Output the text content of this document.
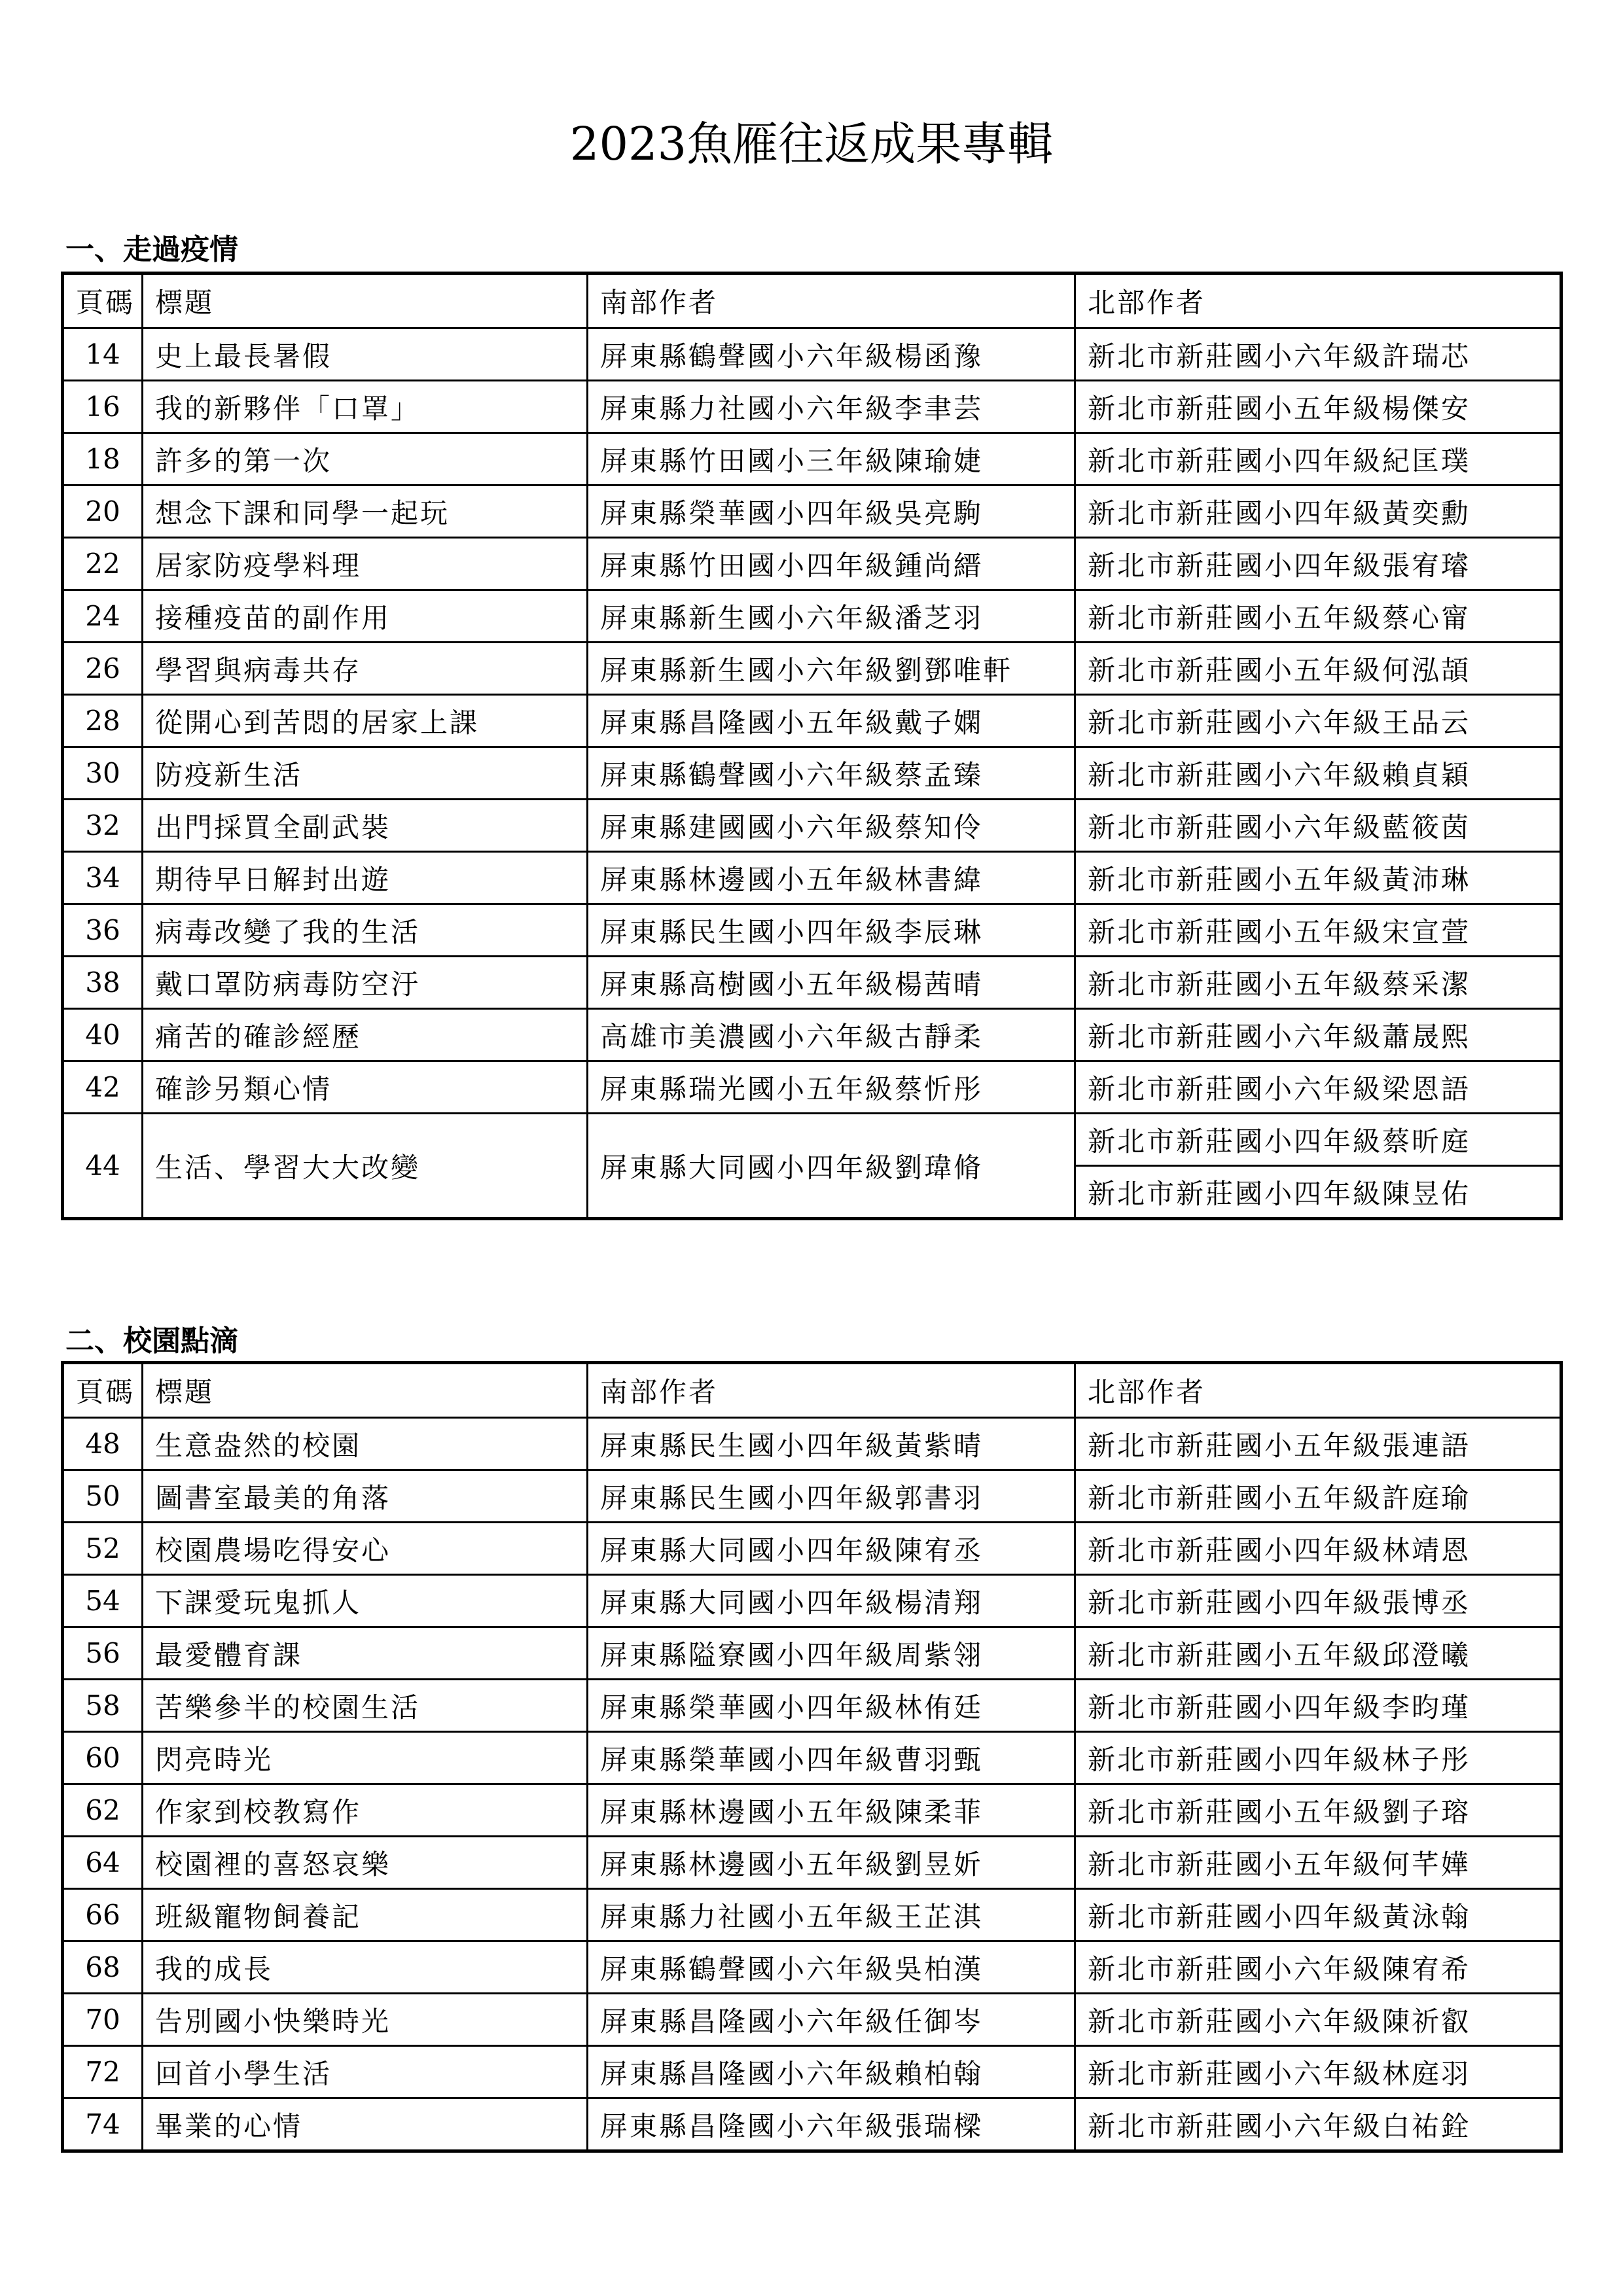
2023魚雁往返成果專輯
一、走過疫情
頁碼	標題	南部作者	北部作者
14	史上最長暑假	屏東縣鶴聲國小六年級楊函豫	新北市新莊國小六年級許瑞芯
16	我的新夥伴「口罩」	屏東縣力社國小六年級李聿芸	新北市新莊國小五年級楊傑安
18	許多的第一次	屏東縣竹田國小三年級陳瑜婕	新北市新莊國小四年級紀匡璞
20	想念下課和同學一起玩	屏東縣榮華國小四年級吳亮駒	新北市新莊國小四年級黃奕勳
22	居家防疫學料理	屏東縣竹田國小四年級鍾尚縉	新北市新莊國小四年級張宥璿
24	接種疫苗的副作用	屏東縣新生國小六年級潘芝羽	新北市新莊國小五年級蔡心甯
26	學習與病毒共存	屏東縣新生國小六年級劉鄧唯軒	新北市新莊國小五年級何泓頡
28	從開心到苦悶的居家上課	屏東縣昌隆國小五年級戴子嫻	新北市新莊國小六年級王品云
30	防疫新生活	屏東縣鶴聲國小六年級蔡孟臻	新北市新莊國小六年級賴貞穎
32	出門採買全副武裝	屏東縣建國國小六年級蔡知伶	新北市新莊國小六年級藍筱茵
34	期待早日解封出遊	屏東縣林邊國小五年級林書緯	新北市新莊國小五年級黃沛琳
36	病毒改變了我的生活	屏東縣民生國小四年級李辰琳	新北市新莊國小五年級宋宣萱
38	戴口罩防病毒防空汙	屏東縣高樹國小五年級楊茜晴	新北市新莊國小五年級蔡采潔
40	痛苦的確診經歷	高雄市美濃國小六年級古靜柔	新北市新莊國小六年級蕭晟熙
42	確診另類心情	屏東縣瑞光國小五年級蔡忻彤	新北市新莊國小六年級梁恩語
44	生活、學習大大改變	屏東縣大同國小四年級劉瑋脩	新北市新莊國小四年級蔡昕庭
			新北市新莊國小四年級陳昱佑
二、校園點滴
頁碼	標題	南部作者	北部作者
48	生意盎然的校園	屏東縣民生國小四年級黃紫晴	新北市新莊國小五年級張連語
50	圖書室最美的角落	屏東縣民生國小四年級郭書羽	新北市新莊國小五年級許庭瑜
52	校園農場吃得安心	屏東縣大同國小四年級陳宥丞	新北市新莊國小四年級林靖恩
54	下課愛玩鬼抓人	屏東縣大同國小四年級楊清翔	新北市新莊國小四年級張博丞
56	最愛體育課	屏東縣隘寮國小四年級周紫翎	新北市新莊國小五年級邱澄曦
58	苦樂參半的校園生活	屏東縣榮華國小四年級林侑廷	新北市新莊國小四年級李昀瑾
60	閃亮時光	屏東縣榮華國小四年級曹羽甄	新北市新莊國小四年級林子彤
62	作家到校教寫作	屏東縣林邊國小五年級陳柔菲	新北市新莊國小五年級劉子瑢
64	校園裡的喜怒哀樂	屏東縣林邊國小五年級劉昱妡	新北市新莊國小五年級何芊嬅
66	班級寵物飼養記	屏東縣力社國小五年級王芷淇	新北市新莊國小四年級黃泳翰
68	我的成長	屏東縣鶴聲國小六年級吳柏漢	新北市新莊國小六年級陳宥希
70	告別國小快樂時光	屏東縣昌隆國小六年級任御岑	新北市新莊國小六年級陳祈叡
72	回首小學生活	屏東縣昌隆國小六年級賴柏翰	新北市新莊國小六年級林庭羽
74	畢業的心情	屏東縣昌隆國小六年級張瑞樑	新北市新莊國小六年級白祐銓
